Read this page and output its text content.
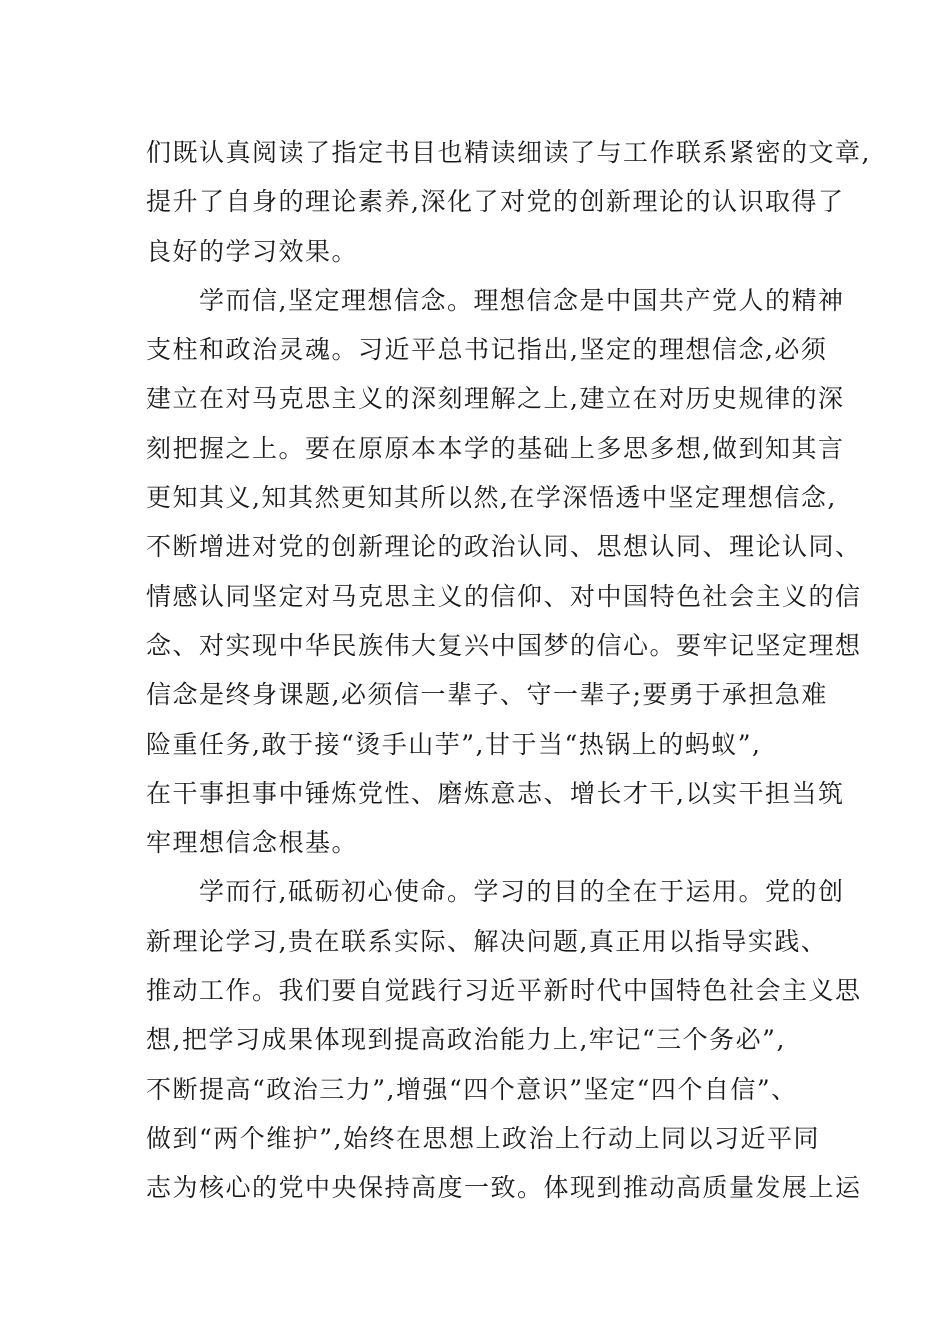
们既认真阅读了指定书目也精读细读了与工作联系紧密的文章,
提升了自身的理论素养,深化了对党的创新理论的认识取得了
良好的学习效果。
　　学而信,坚定理想信念。理想信念是中国共产党人的精神
支柱和政治灵魂。习近平总书记指出,坚定的理想信念,必须
建立在对马克思主义的深刻理解之上,建立在对历史规律的深
刻把握之上。要在原原本本学的基础上多思多想,做到知其言
更知其义,知其然更知其所以然,在学深悟透中坚定理想信念,
不断增进对党的创新理论的政治认同、思想认同、理论认同、
情感认同坚定对马克思主义的信仰、对中国特色社会主义的信
念、对实现中华民族伟大复兴中国梦的信心。要牢记坚定理想
信念是终身课题,必须信一辈子、守一辈子;要勇于承担急难
险重任务,敢于接“烫手山芋”,甘于当“热锅上的蚂蚁”,
在干事担事中锤炼党性、磨炼意志、增长才干,以实干担当筑
牢理想信念根基。
　　学而行,砥砺初心使命。学习的目的全在于运用。党的创
新理论学习,贵在联系实际、解决问题,真正用以指导实践、
推动工作。我们要自觉践行习近平新时代中国特色社会主义思
想,把学习成果体现到提高政治能力上,牢记“三个务必”,
不断提高“政治三力”,增强“四个意识”坚定“四个自信”、
做到“两个维护”,始终在思想上政治上行动上同以习近平同
志为核心的党中央保持高度一致。体现到推动高质量发展上运
